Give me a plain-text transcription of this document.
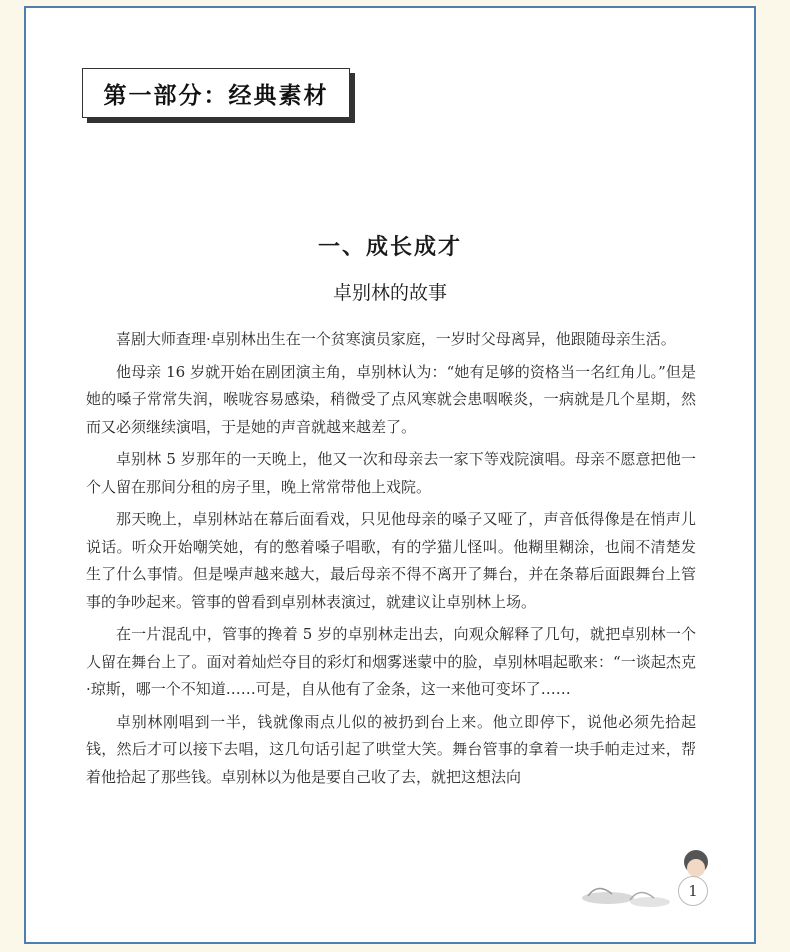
第一部分：经典素材
一、成长成才
卓别林的故事

喜剧大师查理·卓别林出生在一个贫寒演员家庭，一岁时父母离异，他跟随母亲生活。

他母亲 16 岁就开始在剧团演主角，卓别林认为：“她有足够的资格当一名红角儿。”但是她的嗓子常常失润，喉咙容易感染，稍微受了点风寒就会患咽喉炎，一病就是几个星期，然而又必须继续演唱，于是她的声音就越来越差了。

卓别林 5 岁那年的一天晚上，他又一次和母亲去一家下等戏院演唱。母亲不愿意把他一个人留在那间分租的房子里，晚上常常带他上戏院。

那天晚上，卓别林站在幕后面看戏，只见他母亲的嗓子又哑了，声音低得像是在悄声儿说话。听众开始嘲笑她，有的憋着嗓子唱歌，有的学猫儿怪叫。他糊里糊涂，也闹不清楚发生了什么事情。但是噪声越来越大，最后母亲不得不离开了舞台，并在条幕后面跟舞台上管事的争吵起来。管事的曾看到卓别林表演过，就建议让卓别林上场。

在一片混乱中，管事的搀着 5 岁的卓别林走出去，向观众解释了几句，就把卓别林一个人留在舞台上了。面对着灿烂夺目的彩灯和烟雾迷蒙中的脸，卓别林唱起歌来：“一谈起杰克·琼斯，哪一个不知道……可是，自从他有了金条，这一来他可变坏了……

卓别林刚唱到一半，钱就像雨点儿似的被扔到台上来。他立即停下，说他必须先拾起钱，然后才可以接下去唱，这几句话引起了哄堂大笑。舞台管事的拿着一块手帕走过来，帮着他拾起了那些钱。卓别林以为他是要自己收了去，就把这想法向

1
